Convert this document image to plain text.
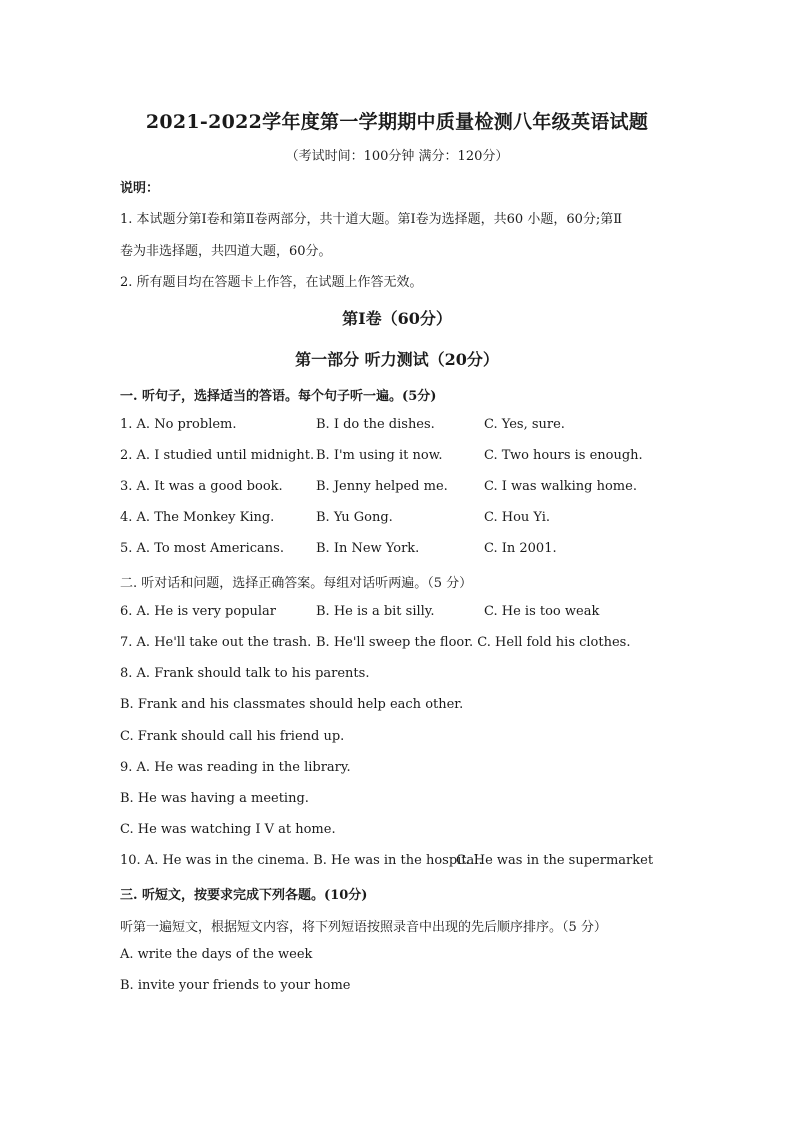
2021-2022学年度第一学期期中质量检测八年级英语试题
（考试时间：100分钟 满分：120分）
说明：
1. 本试题分第Ⅰ卷和第Ⅱ卷两部分，共十道大题。第Ⅰ卷为选择题，共60 小题，60分;第Ⅱ
卷为非选择题，共四道大题，60分。
2. 所有题目均在答题卡上作答，在试题上作答无效。
第I卷（60分）
第一部分 听力测试（20分）
一. 听句子，选择适当的答语。每个句子听一遍。(5分)
1. A. No problem.	B. I do the dishes.	C. Yes, sure.
2. A. I studied until midnight. B. I'm using it now.	C. Two hours is enough.
3. A. It was a good book.	B. Jenny helped me.	C. I was walking home.
4. A. The Monkey King.	B. Yu Gong.	C. Hou Yi.
5. A. To most Americans. B. In New York.	C. In 2001.
二. 听对话和问题，选择正确答案。每组对话听两遍。（5 分）
6. A. He is very popular	B. He is a bit silly.	C. He is too weak
7. A. He'll take out the trash. B. He'll sweep the floor. C. Hell fold his clothes.
8. A. Frank should talk to his parents.
B. Frank and his classmates should help each other.
C. Frank should call his friend up.
9. A. He was reading in the library.
B. He was having a meeting.
C. He was watching I V at home.
10. A. He was in the cinema. B. He was in the hospital.
C. He was in the supermarket
三. 听短文，按要求完成下列各题。(10分)
听第一遍短文，根据短文内容，将下列短语按照录音中出现的先后顺序排序。（5 分）
A. write the days of the week
B. invite your friends to your home
